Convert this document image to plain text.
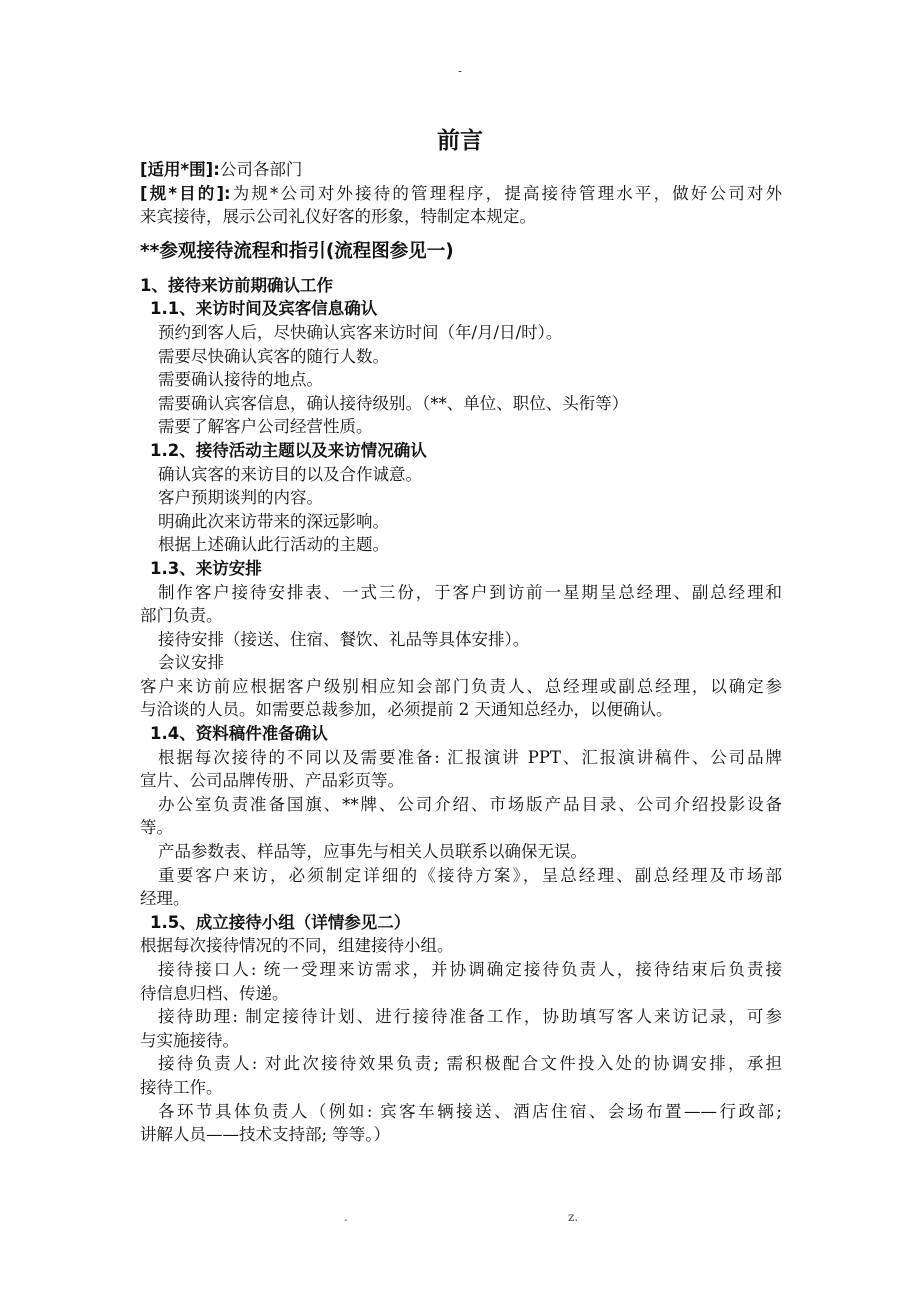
-
前言
[适用*围]:公司各部门
[规*目的]:为规*公司对外接待的管理程序，提高接待管理水平，做好公司对外
来宾接待，展示公司礼仪好客的形象，特制定本规定。
**参观接待流程和指引(流程图参见一)
1、接待来访前期确认工作
1.1、来访时间及宾客信息确认
预约到客人后，尽快确认宾客来访时间（年/月/日/时）。
需要尽快确认宾客的随行人数。
需要确认接待的地点。
需要确认宾客信息，确认接待级别。（**、单位、职位、头衔等）
需要了解客户公司经营性质。
1.2、接待活动主题以及来访情况确认
确认宾客的来访目的以及合作诚意。
客户预期谈判的内容。
明确此次来访带来的深远影响。
根据上述确认此行活动的主题。
1.3、来访安排
制作客户接待安排表、一式三份，于客户到访前一星期呈总经理、副总经理和
部门负责。
接待安排（接送、住宿、餐饮、礼品等具体安排）。
会议安排
客户来访前应根据客户级别相应知会部门负责人、总经理或副总经理，以确定参
与洽谈的人员。如需要总裁参加，必须提前 2 天通知总经办，以便确认。
1.4、资料稿件准备确认
根据每次接待的不同以及需要准备: 汇报演讲 PPT、汇报演讲稿件、公司品牌
宣片、公司品牌传册、产品彩页等。
办公室负责准备国旗、**牌、公司介绍、市场版产品目录、公司介绍投影设备
等。
产品参数表、样品等，应事先与相关人员联系以确保无误。
重要客户来访，必须制定详细的《接待方案》，呈总经理、副总经理及市场部
经理。
1.5、成立接待小组（详情参见二）
根据每次接待情况的不同，组建接待小组。
接待接口人: 统一受理来访需求，并协调确定接待负责人，接待结束后负责接
待信息归档、传递。
接待助理: 制定接待计划、进行接待准备工作，协助填写客人来访记录，可参
与实施接待。
接待负责人: 对此次接待效果负责; 需积极配合文件投入处的协调安排，承担
接待工作。
各环节具体负责人（例如: 宾客车辆接送、酒店住宿、会场布置——行政部;
讲解人员——技术支持部; 等等。）
.	z.
